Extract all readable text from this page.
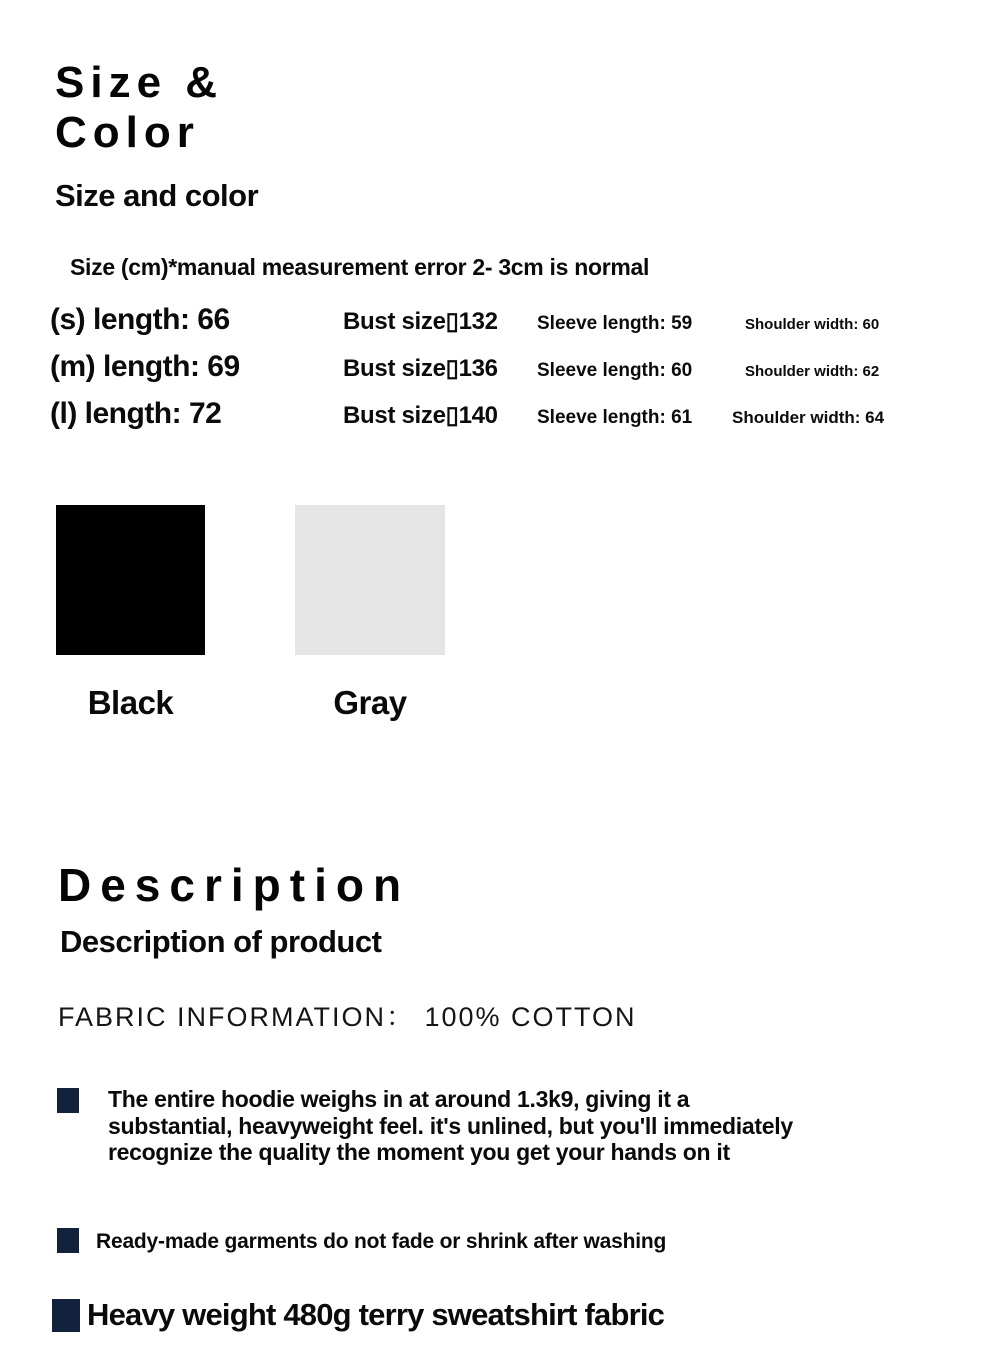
Size &
Color
Size and color

Size (cm)*manual measurement error 2- 3cm is normal

(s) length: 66	Bust size▯132	Sleeve length: 59	Shoulder width: 60
(m) length: 69	Bust size▯136	Sleeve length: 60	Shoulder width: 62
(l) length: 72	Bust size▯140	Sleeve length: 61	Shoulder width: 64

Black	Gray

Description
Description of product

FABRIC INFORMATION： 100% COTTON

The entire hoodie weighs in at around 1.3k9, giving it a
substantial, heavyweight feel. it's unlined, but you'll immediately
recognize the quality the moment you get your hands on it
Ready-made garments do not fade or shrink after washing
Heavy weight 480g terry sweatshirt fabric
